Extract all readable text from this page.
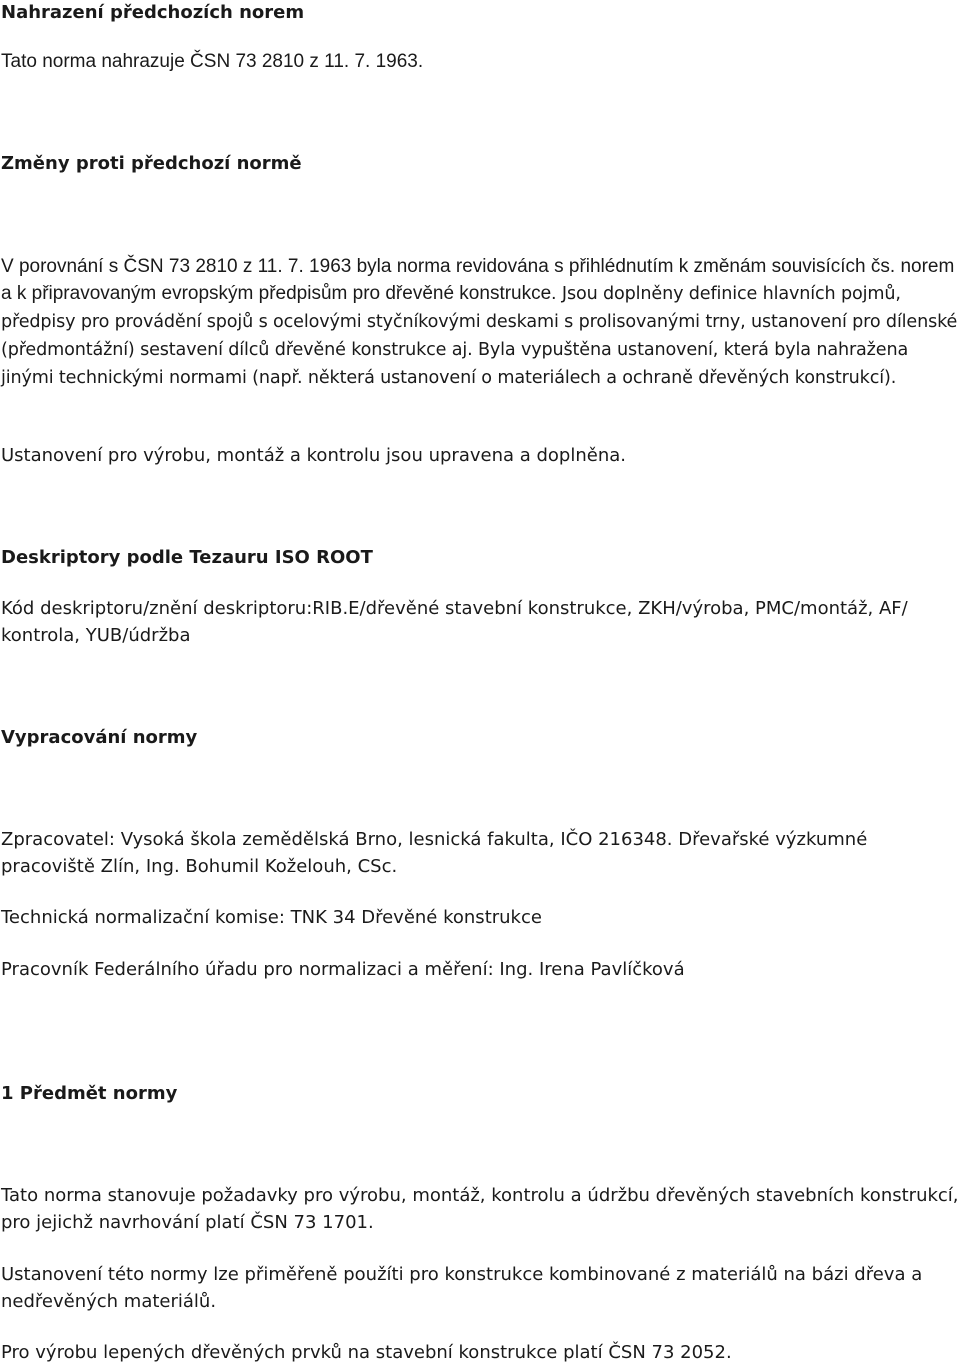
Nahrazení předchozích norem

Tato norma nahrazuje ČSN 73 2810 z 11. 7. 1963.

Změny proti předchozí normě

V porovnání s ČSN 73 2810 z 11. 7. 1963 byla norma revidována s přihlédnutím k změnám souvisících čs. norem a k připravovaným evropským předpisům pro dřevěné konstrukce. Jsou doplněny definice hlavních pojmů, předpisy pro provádění spojů s ocelovými styčníkovými deskami s prolisovanými trny, ustanovení pro dílenské (předmontážní) sestavení dílců dřevěné konstrukce aj. Byla vypuštěna ustanovení, která byla nahražena jinými technickými normami (např. některá ustanovení o materiálech a ochraně dřevěných konstrukcí).

Ustanovení pro výrobu, montáž a kontrolu jsou upravena a doplněna.

Deskriptory podle Tezauru ISO ROOT

Kód deskriptoru/znění deskriptoru:RIB.E/dřevěné stavební konstrukce, ZKH/výroba, PMC/montáž, AF/ kontrola, YUB/údržba

Vypracování normy

Zpracovatel: Vysoká škola zemědělská Brno, lesnická fakulta, IČO 216348. Dřevařské výzkumné pracoviště Zlín, Ing. Bohumil Koželouh, CSc.

Technická normalizační komise: TNK 34 Dřevěné konstrukce

Pracovník Federálního úřadu pro normalizaci a měření: Ing. Irena Pavlíčková

1 Předmět normy

Tato norma stanovuje požadavky pro výrobu, montáž, kontrolu a údržbu dřevěných stavebních konstrukcí, pro jejichž navrhování platí ČSN 73 1701.

Ustanovení této normy lze přiměřeně použíti pro konstrukce kombinované z materiálů na bázi dřeva a nedřevěných materiálů.

Pro výrobu lepených dřevěných prvků na stavební konstrukce platí ČSN 73 2052.
